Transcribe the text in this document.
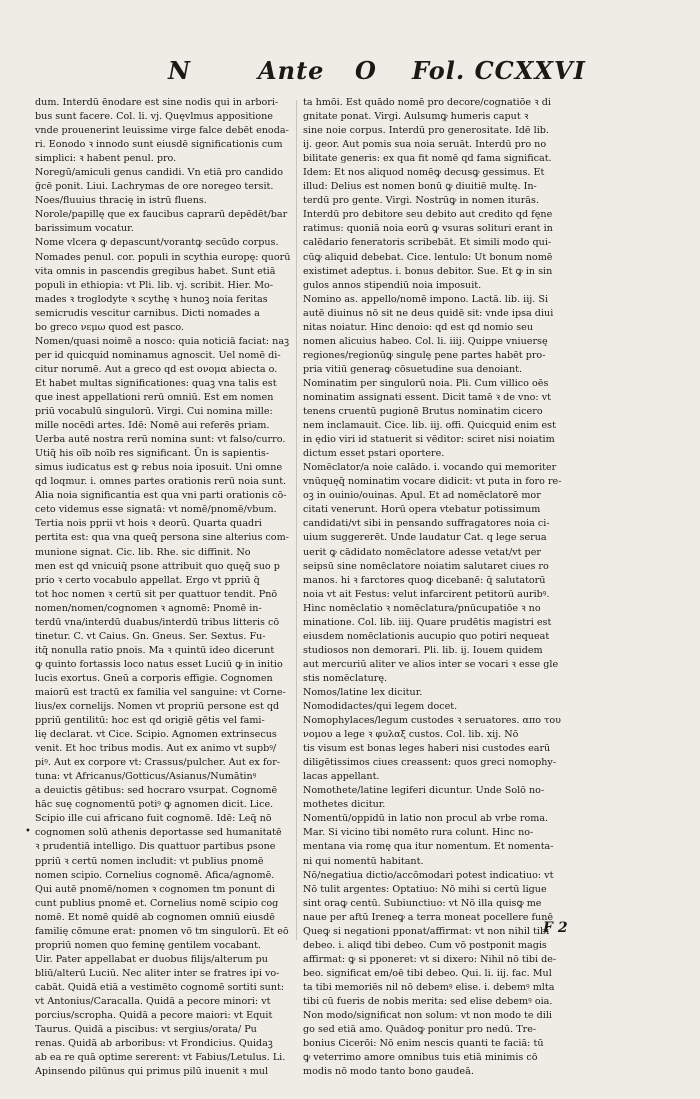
N	Ante O Fol. CCXXVI

dum. Interdū ēnodare est sine nodis qui in arbori-

bus sunt facere. Col. li. vj. Quęvlmus appositione

vnde prouenerint leuissime virge falce debēt enoda-

ri. Eonodo ꝛ innodo sunt eiusdē significationis cum

simplici: ꝛ habent penul. pro.

Noregū/amiculi genus candidi. Vn etiā pro candido

ḡcē ponit. Liui. Lachrymas de ore noregeo tersit.

Noes/fluuius thracię in istrū fluens.

Norole/papillę que ex faucibus caprarū depēdēt/bar

barissimum vocatur.

Nome vlcera ꝙ depascunt/vorantꝙ secūdo corpus.

Nomades penul. cor. populi in scythia europę: quorū

vita omnis in pascendis gregibus habet. Sunt etiā

populi in ethiopia: vt Pli. lib. vj. scribit. Hier. Mo-

mades ꝛ troglodyte ꝛ scythę ꝛ hunoꝫ noia feritas

semicrudis vescitur carnibus. Dicti nomades a

bo greco νεμω quod est pasco.

Nomen/quasi noimē a nosco: quia noticiā faciat: naꝫ

per id quicquid nominamus agnoscit. Uel nomē di-

citur norumē. Aut a greco qd est ονομα abiecta o.

Et habet multas significationes: quaꝫ vna talis est

que inest appellationi rerū omniū. Est em nomen

priū vocabulū singulorū. Virgi. Cui nomina mille:

mille nocēdi artes. Idē: Nomē aui referēs priam.

Uerba autē nostra rerū nomina sunt: vt falso/curro.

Utiq̄ his oīb noīb res significant. Ūn is sapientis-

simus iudicatus est ꝙ rebus noia iposuit. Uni omne

qd loqmur. i. omnes partes orationis rerū noia sunt.

Alia noia significantia est qua vni parti orationis cō-

ceto videmus esse signatā: vt nomē/pnomē/vbum.

Tertia nois pprii vt hois ꝛ deorū. Quarta quadri

pertita est: qua vna queq̄ persona sine alterius com-

munione signat. Cic. lib. Rhe. sic diffinit. No

men est qd vnicuiq̄ psone attribuit quo quęq̄ suo p

prio ꝛ certo vocabulo appellat. Ergo vt ppriū q̄

tot hoc nomen ꝛ certū sit per quattuor tendit. Pnō

nomen/nomen/cognomen ꝛ agnomē: Pnomē in-

terdū vna/interdū duabus/interdū tribus litteris cō

tinetur. C. vt Caius. Gn. Gneus. Ser. Sextus. Fu-

itq̄ nonulla ratio pnois. Ma ꝛ quintū ideo dicerunt

ꝙ quinto fortassis loco natus esset Luciū ꝙ in initio

lucis exortus. Gneū a corporis effigie. Cognomen

maiorū est tractū ex familia vel sanguine: vt Corne-

lius/ex cornelijs. Nomen vt propriū persone est qd

ppriū gentilitū: hoc est qd origiē gētis vel fami-

lię declarat. vt Cice. Scipio. Agnomen extrinsecus

venit. Et hoc tribus modis. Aut ex animo vt supbꝰ/

piꝰ. Aut ex corpore vt: Crassus/pulcher. Aut ex for-

tuna: vt Africanus/Gotticus/Asianus/Numātinꝰ

a deuictis gētibus: sed hocraro vsurpat. Cognomē

hāc suę cognomentū potiꝰ ꝙ agnomen dicit. Lice.

Scipio ille cui africano fuit cognomē. Idē: Leq̄ nō

cognomen solū athenis deportasse sed humanitatē

ꝛ prudentiā intelligo. Dis quattuor partibus psone

ppriū ꝛ certū nomen includit: vt publius pnomē

nomen scipio. Cornelius cognomē. Afica/agnomē.

Qui autē pnomē/nomen ꝛ cognomen tm ponunt di

cunt publius pnomē et. Cornelius nomē scipio cog

nomē. Et nomē quidē ab cognomen omniū eiusdē

familię cōmune erat: pnomen vō tm singulorū. Et eō

propriū nomen quo feminę gentilem vocabant.

Uir. Pater appellabat er duobus filijs/alterum pu

bliū/alterū Luciū. Nec aliter inter se fratres ipi vo-

cabāt. Quidā etiā a vestimēto cognomē sortiti sunt:

vt Antonius/Caracalla. Quidā a pecore minori: vt

porcius/scropha. Quidā a pecore maiori: vt Equit

Taurus. Quidā a piscibus: vt sergius/orata/ Pu

renas. Quidā ab arboribus: vt Frondicius. Quidaꝫ

ab ea re quā optime sererent: vt Fabius/Letulus. Li.

Apinsendo pilūnus qui primus pilū inuenit ꝛ mul

ta hmōi. Est quādo nomē pro decore/cognatiōe ꝛ di

gnitate ponat. Virgi. Aulsumꝙ humeris caput ꝛ

sine noie corpus. Interdū pro generositate. Idē lib.

ij. geor. Aut pomis sua noia seruāt. Interdū pro no

bilitate generis: ex qua fit nomē qd fama significat.

Idem: Et nos aliquod nomēꝙ decusꝙ gessimus. Et

illud: Delius est nomen bonū ꝙ diuitiē multę. In-

terdū pro gente. Virgi. Nostrūꝙ in nomen iturās.

Interdū pro debitore seu debito aut credito qd fęne

ratimus: quoniā noia eorū ꝙ vsuras solituri erant in

calēdario feneratoris scribebāt. Et simili modo qui-

cūꝙ aliquid debebat. Cice. lentulo: Ut bonum nomē

existimet adeptus. i. bonus debitor. Sue. Et ꝙ in sin

gulos annos stipendiū noia imposuit.

Nomino as. appello/nomē impono. Lactā. lib. iij. Si

autē diuinus nō sit ne deus quidē sit: vnde ipsa diui

nitas noiatur. Hinc denoio: qd est qd nomio seu

nomen alicuius habeo. Col. li. iiij. Quippe vniuersę

regiones/regionūꝙ singulę pene partes habēt pro-

pria vitiū generaꝙ cōsuetudine sua denoiant.

Nominatim per singulorū noia. Pli. Cum villico oēs

nominatim assignati essent. Dicit tamē ꝛ de vno: vt

tenens cruentū pugionē Brutus nominatim cicero

nem inclamauit. Cice. lib. iij. offi. Quicquid enim est

in ędio viri id statuerit si vēditor: sciret nisi noiatim

dictum esset pstari oportere.

Nomēclator/a noie calādo. i. vocando qui memoriter

vnūquęq̄ nominatim vocare didicit: vt puta in foro re-

oꝫ in ouinio/ouinas. Apul. Et ad nomēclatorē mor

citati venerunt. Horū opera vtebatur potissimum

candidati/vt sibi in pensando suffragatores noia ci-

uium suggererēt. Unde laudatur Cat. q lege serua

uerit ꝙ cādidato nomēclatore adesse vetat/vt per

seipsū sine nomēclatore noiatim salutaret ciues ro

manos. hi ꝛ farctores quoꝙ dicebanē: q̄ salutatorū

noia vt ait Festus: velut infarcirent petitorū auribꝰ.

Hinc nomēclatio ꝛ nomēclatura/pnūcupatiōe ꝛ no

minatione. Col. lib. iiij. Quare prudētis magistri est

eiusdem nomēclationis aucupio quo potiri nequeat

studiosos non demorari. Pli. lib. ij. Iouem quidem

aut mercuriū aliter ve alios inter se vocari ꝛ esse gle

stis nomēclaturę.

Nomos/latine lex dicitur.

Nomodidactes/qui legem docet.

Nomophylaces/legum custodes ꝛ seruatores. απο του

νομου a lege ꝛ φυλαξ custos. Col. lib. xij. Nō

tis visum est bonas leges haberi nisi custodes earū

diligētissimos ciues creassent: quos greci nomophy-

lacas appellant.

Nomothete/latine legiferi dicuntur. Unde Solō no-

mothetes dicitur.

Nomentū/oppidū in latio non procul ab vrbe roma.

Mar. Si vicino tibi nomēto rura colunt. Hinc no-

mentana via romę qua itur nomentum. Et nomenta-

ni qui nomentū habitant.

Nō/negatiua dictio/accōmodari potest indicatiuo: vt

Nō tulit argentes: Optatiuo: Nō mihi si certū ligue

sint oraꝙ centū. Subiunctiuo: vt Nō illa quisꝙ me

naue per aftū Ireneꝙ a terra moneat pocellere funē

Queꝙ si negationi pponat/affirmat: vt non nihil tibi

debeo. i. aliqd tibi debeo. Cum vō postponit magis

affirmat: ꝙ si pponeret: vt si dixero: Nihil nō tibi de-

beo. significat em/oē tibi debeo. Qui. li. iij. fac. Mul

ta tibi memoriēs nil nō debemꝰ elise. i. debemꝰ mlta

tibi cū fueris de nobis merita: sed elise debemꝰ oia.

Non modo/significat non solum: vt non modo te dili

go sed etiā amo. Quādoꝙ ponitur pro nedū. Tre-

bonius Cicerōi: Nō enim nescis quanti te faciā: tū

ꝙ veterrimo amore omnibus tuis etiā minimis cō

modis nō modo tanto bono gaudeā.

•
F 2
